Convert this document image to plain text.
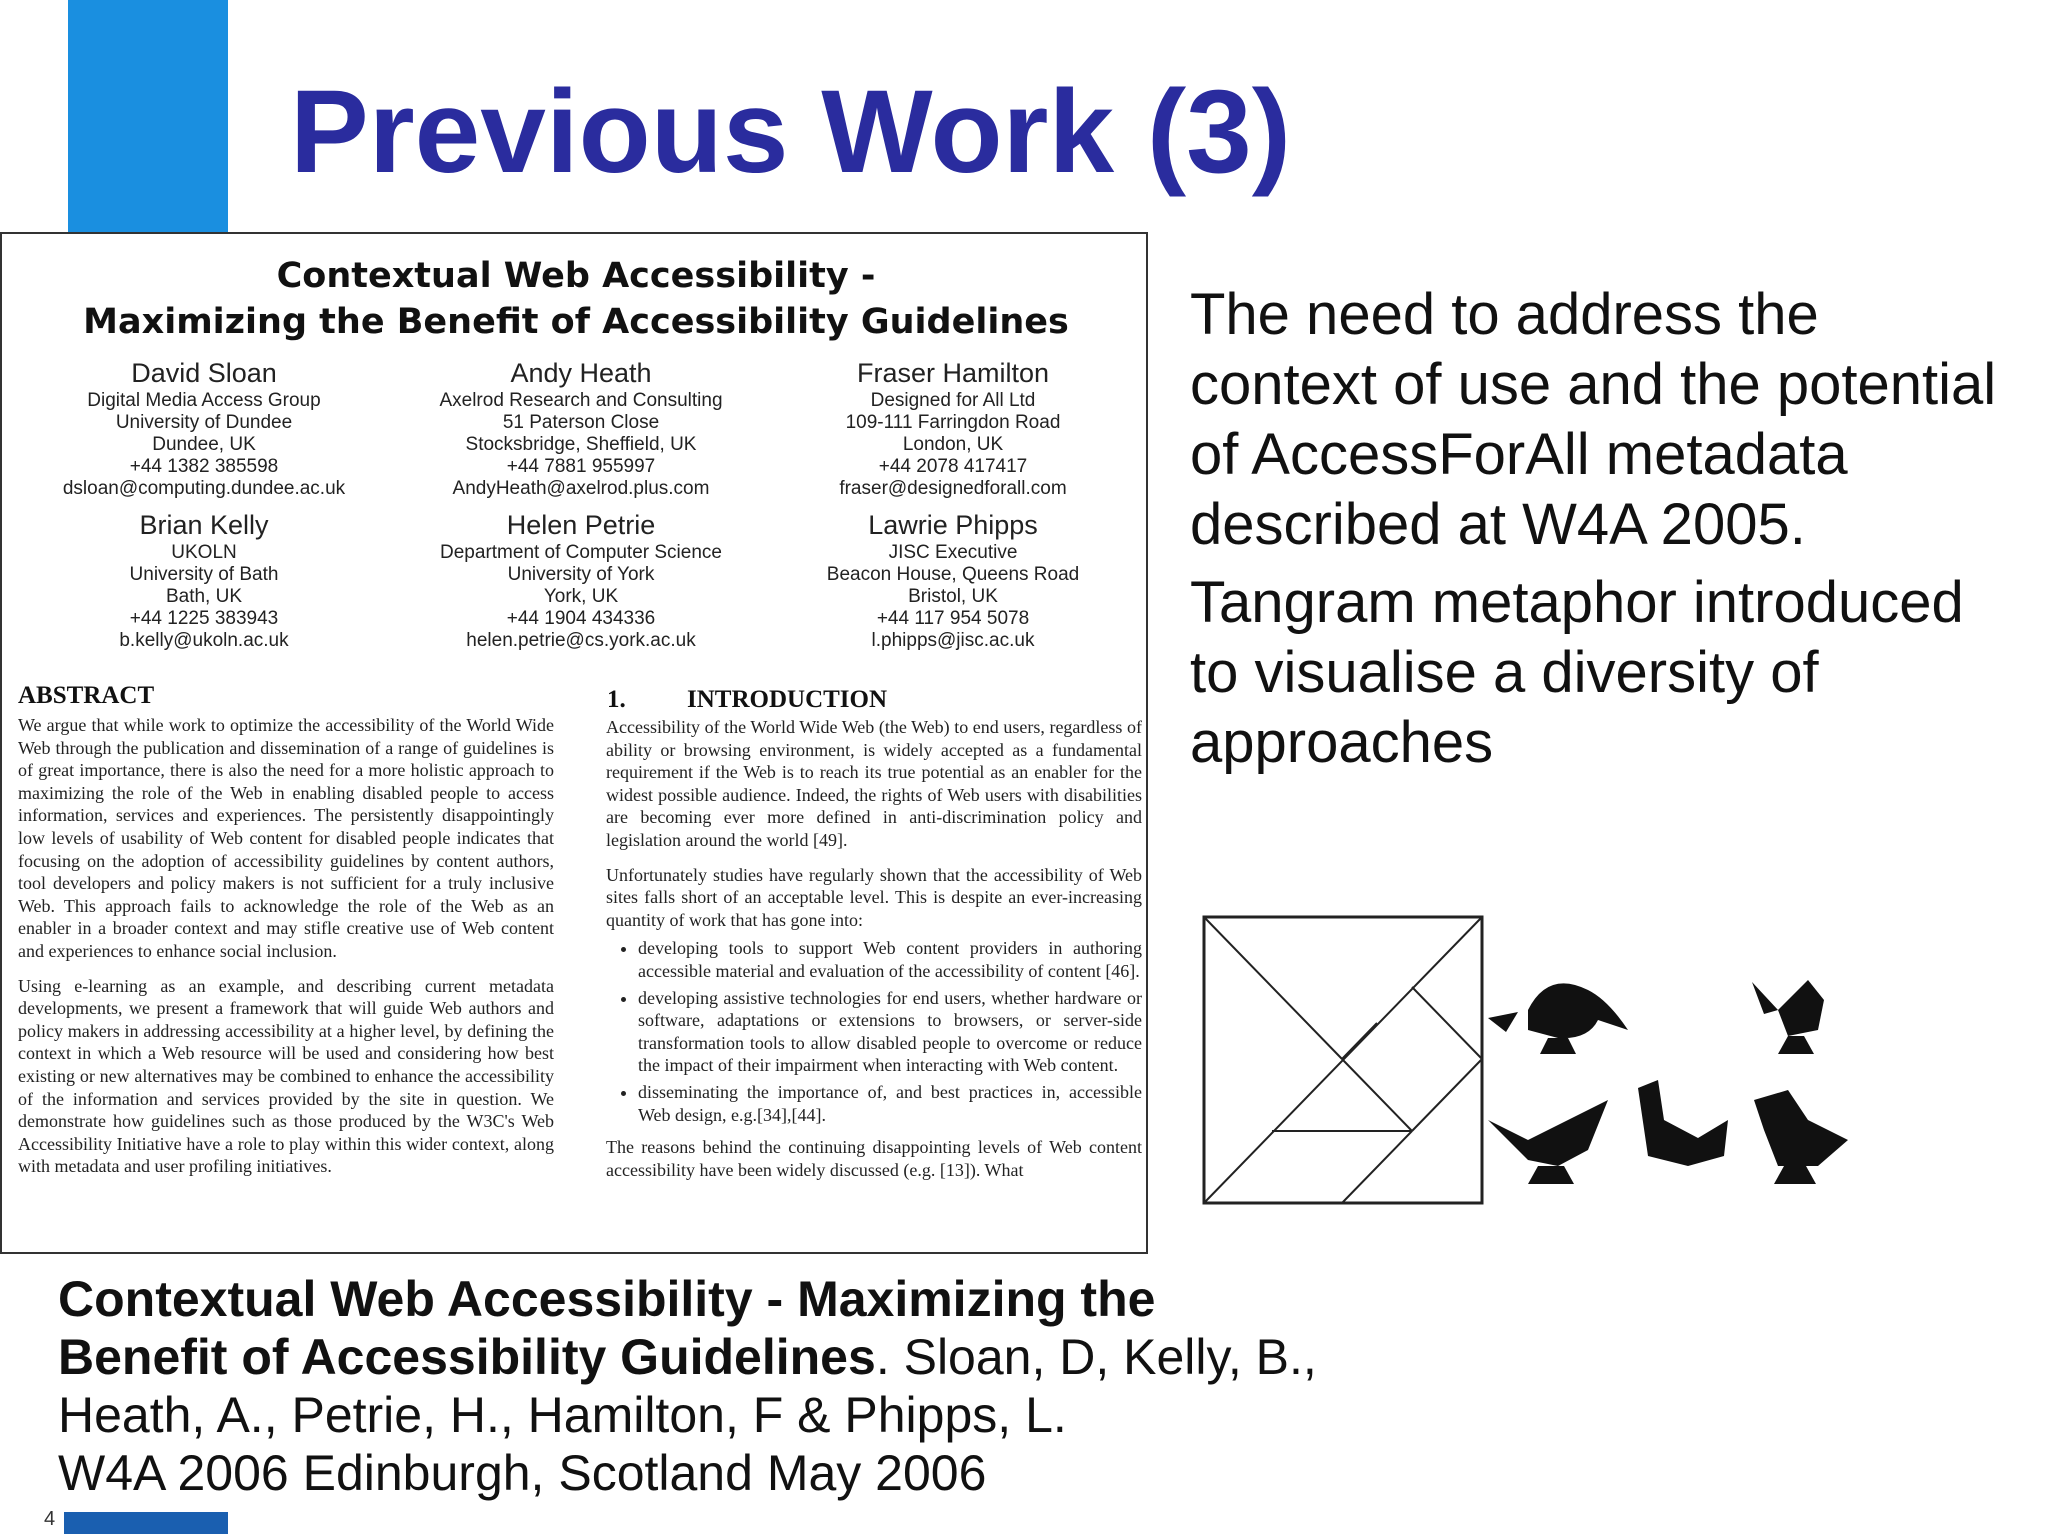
Previous Work (3)
Contextual Web Accessibility -
Maximizing the Benefit of Accessibility Guidelines
David Sloan
Digital Media Access Group
University of Dundee
Dundee, UK
+44 1382 385598
dsloan@computing.dundee.ac.uk
Andy Heath
Axelrod Research and Consulting
51 Paterson Close
Stocksbridge, Sheffield, UK
+44 7881 955997
AndyHeath@axelrod.plus.com
Fraser Hamilton
Designed for All Ltd
109-111 Farringdon Road
London, UK
+44 2078 417417
fraser@designedforall.com
Brian Kelly
UKOLN
University of Bath
Bath, UK
+44 1225 383943
b.kelly@ukoln.ac.uk
Helen Petrie
Department of Computer Science
University of York
York, UK
+44 1904 434336
helen.petrie@cs.york.ac.uk
Lawrie Phipps
JISC Executive
Beacon House, Queens Road
Bristol, UK
+44 117 954 5078
l.phipps@jisc.ac.uk
ABSTRACT

We argue that while work to optimize the accessibility of the World Wide Web through the publication and dissemination of a range of guidelines is of great importance, there is also the need for a more holistic approach to maximizing the role of the Web in enabling disabled people to access information, services and experiences. The persistently disappointingly low levels of usability of Web content for disabled people indicates that focusing on the adoption of accessibility guidelines by content authors, tool developers and policy makers is not sufficient for a truly inclusive Web. This approach fails to acknowledge the role of the Web as an enabler in a broader context and may stifle creative use of Web content and experiences to enhance social inclusion.

Using e-learning as an example, and describing current metadata developments, we present a framework that will guide Web authors and policy makers in addressing accessibility at a higher level, by defining the context in which a Web resource will be used and considering how best existing or new alternatives may be combined to enhance the accessibility of the information and services provided by the site in question. We demonstrate how guidelines such as those produced by the W3C's Web Accessibility Initiative have a role to play within this wider context, along with metadata and user profiling initiatives.

1. INTRODUCTION

Accessibility of the World Wide Web (the Web) to end users, regardless of ability or browsing environment, is widely accepted as a fundamental requirement if the Web is to reach its true potential as an enabler for the widest possible audience. Indeed, the rights of Web users with disabilities are becoming ever more defined in anti-discrimination policy and legislation around the world [49].

Unfortunately studies have regularly shown that the accessibility of Web sites falls short of an acceptable level. This is despite an ever-increasing quantity of work that has gone into:

• developing tools to support Web content providers in authoring accessible material and evaluation of the accessibility of content [46].
• developing assistive technologies for end users, whether hardware or software, adaptations or extensions to browsers, or server-side transformation tools to allow disabled people to overcome or reduce the impact of their impairment when interacting with Web content.
• disseminating the importance of, and best practices in, accessible Web design, e.g.[34],[44].

The reasons behind the continuing disappointing levels of Web content accessibility have been widely discussed (e.g. [13]). What

The need to address the context of use and the potential of AccessForAll metadata described at W4A 2005.

Tangram metaphor introduced to visualise a diversity of approaches

Contextual Web Accessibility - Maximizing the Benefit of Accessibility Guidelines. Sloan, D, Kelly, B., Heath, A., Petrie, H., Hamilton, F & Phipps, L.
W4A 2006 Edinburgh, Scotland May 2006
4
